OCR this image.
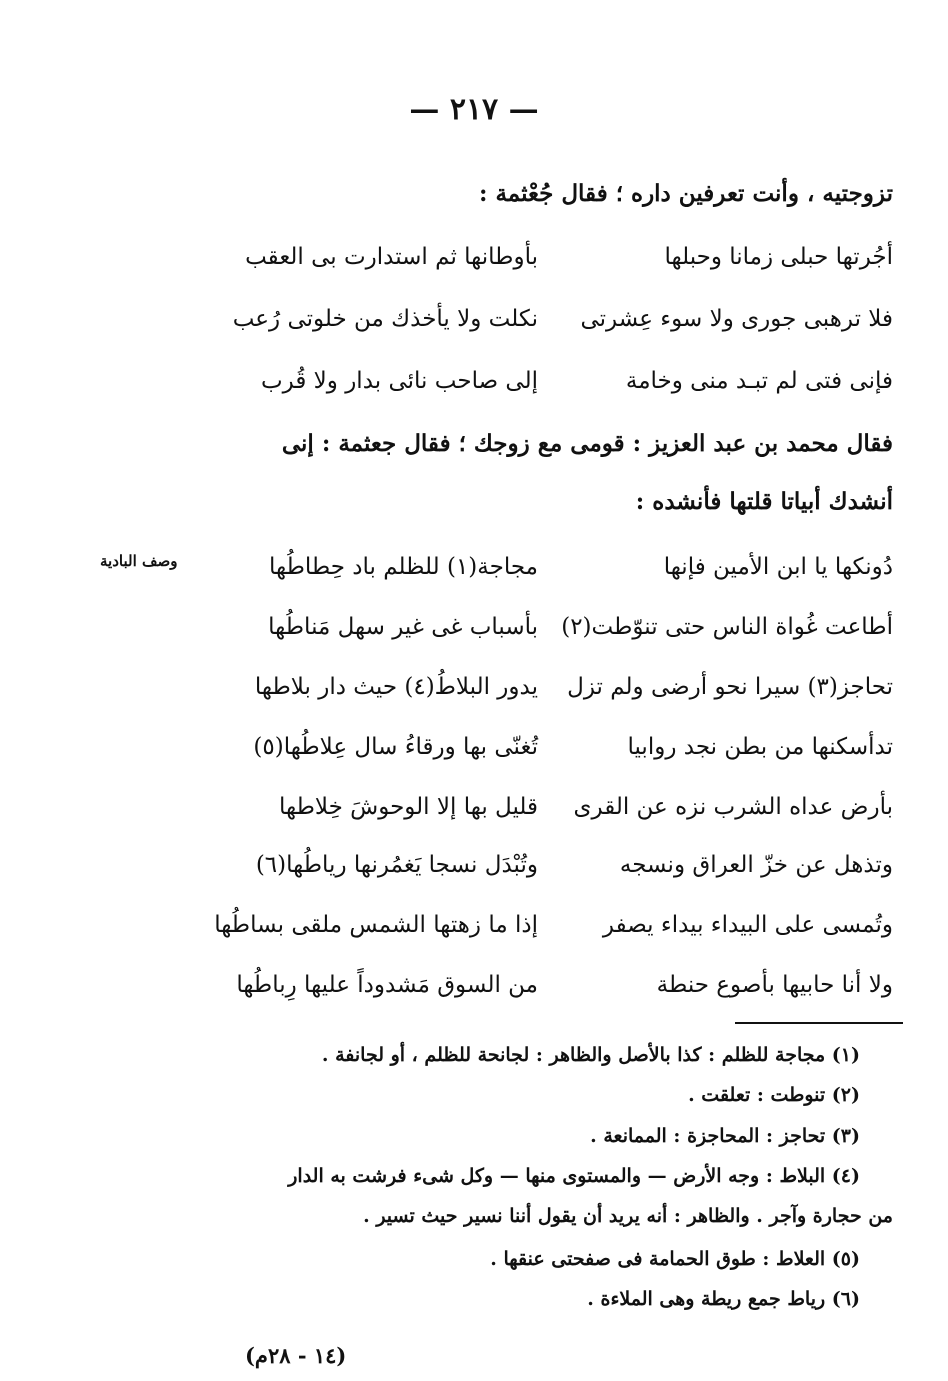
— ٢١٧ —
تزوجتيه ، وأنت تعرفين داره ؛ فقال جُعْثمة :
أجُرتها حبلى زمانا وحبلها
بأوطانها ثم استدارت بى العقب
فلا ترهبى جورى ولا سوء عِشرتى
نكلت ولا يأخذك من خلوتى رُعب
فإنى فتى لم تبـد منى وخامة
إلى صاحب نائى بدار ولا قُرب
فقال محمد بن عبد العزيز : قومى مع زوجك ؛ فقال جعثمة : إنى
أنشدك أبياتا قلتها فأنشده :
وصف البادية	دُونكها يا ابن الأمين فإنها
مجاجة(١) للظلم باد حِطاطُها
أطاعت غُواة الناس حتى تنوّطت(٢)
بأسباب غى غير سهل مَناطُها
تحاجز(٣) سيرا نحو أرضى ولم تزل
يدور البلاطُ(٤) حيث دار بلاطها
تدأسكنها من بطن نجد روابيا
تُغنّى بها ورقاءُ سال عِلاطُها(٥)
بأرض عداه الشرب نزه عن القرى
قليل بها إلا الوحوشَ خِلاطها
وتذهل عن خزّ العراق ونسجه
وتُبْدَل نسجا يَغمُرنها رياطُها(٦)
وتُمسى على البيداء بيداء يصفر
إذا ما زهتها الشمس ملقى بساطُها
ولا أنا حابيها بأصوع حنطة
من السوق مَشدوداً عليها رِباطُها
(١) مجاجة للظلم : كذا بالأصل والظاهر : لجانحة للظلم ، أو لجانفة .
(٢) تنوطت : تعلقت .
(٣) تحاجز : المحاجزة : الممانعة .
(٤) البلاط : وجه الأرض — والمستوى منها — وكل شىء فرشت به الدار
من حجارة وآجر . والظاهر : أنه يريد أن يقول أننا نسير حيث تسير .
(٥) العلاط : طوق الحمامة فى صفحتى عنقها .
(٦) رياط جمع ريطة وهى الملاءة .
(١٤ - ٢٨م)
